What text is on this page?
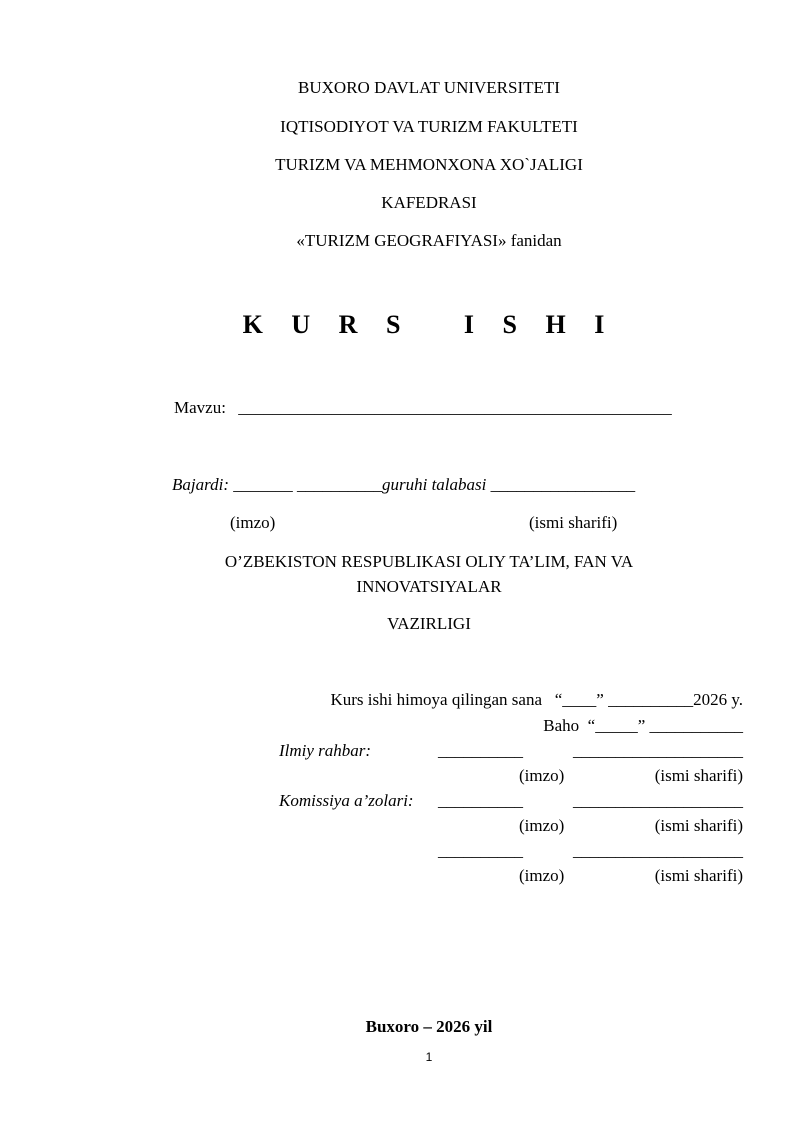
BUXORO DAVLAT UNIVERSITETI
IQTISODIYOT VA TURIZM FAKULTETI
TURIZM VA MEHMONXONA XO`JALIGI
KAFEDRASI
«TURIZM GEOGRAFIYASI» fanidan
K U R S   I S H I
Mavzu: ___________________________________________________
Bajardi: _______ __________guruhi talabasi _________________
(imzo)	(ismi sharifi)
O’ZBEKISTON RESPUBLIKASI OLIY TA’LIM, FAN VA
INNOVATSIYALAR
VAZIRLIGI
Kurs ishi himoya qilingan sana   “____” __________2026 y.
Baho  “_____” ___________
Ilmiy rahbar:	__________	____________________
(imzo)	(ismi sharifi)
Komissiya a’zolari: __________	____________________
(imzo)	(ismi sharifi)
__________	____________________
(imzo)	(ismi sharifi)
Buxoro – 2026 yil
1
